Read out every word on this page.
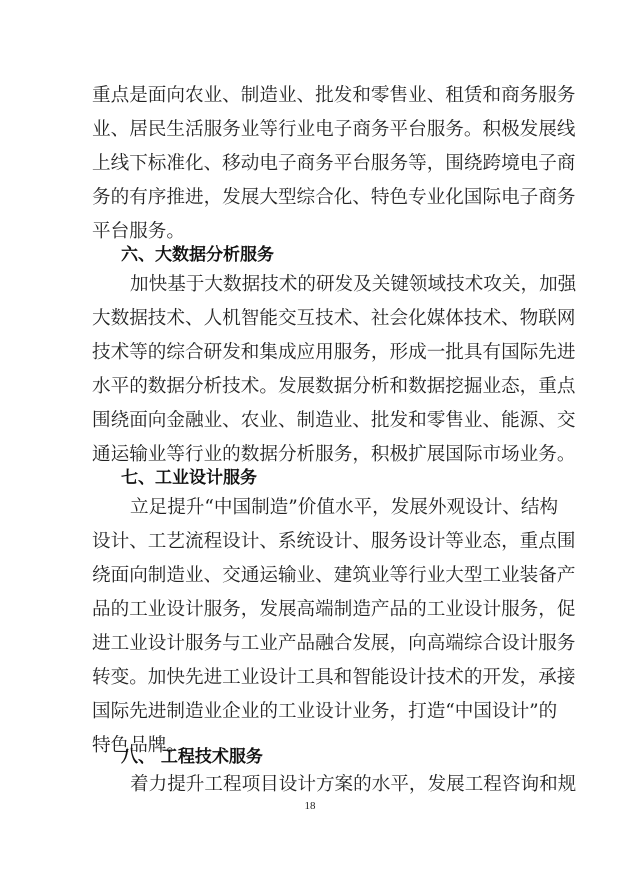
重点是面向农业、制造业、批发和零售业、租赁和商务服务
业、居民生活服务业等行业电子商务平台服务。积极发展线
上线下标准化、移动电子商务平台服务等，围绕跨境电子商
务的有序推进，发展大型综合化、特色专业化国际电子商务
平台服务。
六、大数据分析服务
加快基于大数据技术的研发及关键领域技术攻关，加强
大数据技术、人机智能交互技术、社会化媒体技术、物联网
技术等的综合研发和集成应用服务，形成一批具有国际先进
水平的数据分析技术。发展数据分析和数据挖掘业态，重点
围绕面向金融业、农业、制造业、批发和零售业、能源、交
通运输业等行业的数据分析服务，积极扩展国际市场业务。
七、工业设计服务
立足提升“中国制造”价值水平，发展外观设计、结构
设计、工艺流程设计、系统设计、服务设计等业态，重点围
绕面向制造业、交通运输业、建筑业等行业大型工业装备产
品的工业设计服务，发展高端制造产品的工业设计服务，促
进工业设计服务与工业产品融合发展，向高端综合设计服务
转变。加快先进工业设计工具和智能设计技术的开发，承接
国际先进制造业企业的工业设计业务，打造“中国设计”的
特色品牌。
八、 工程技术服务
着力提升工程项目设计方案的水平，发展工程咨询和规
18
